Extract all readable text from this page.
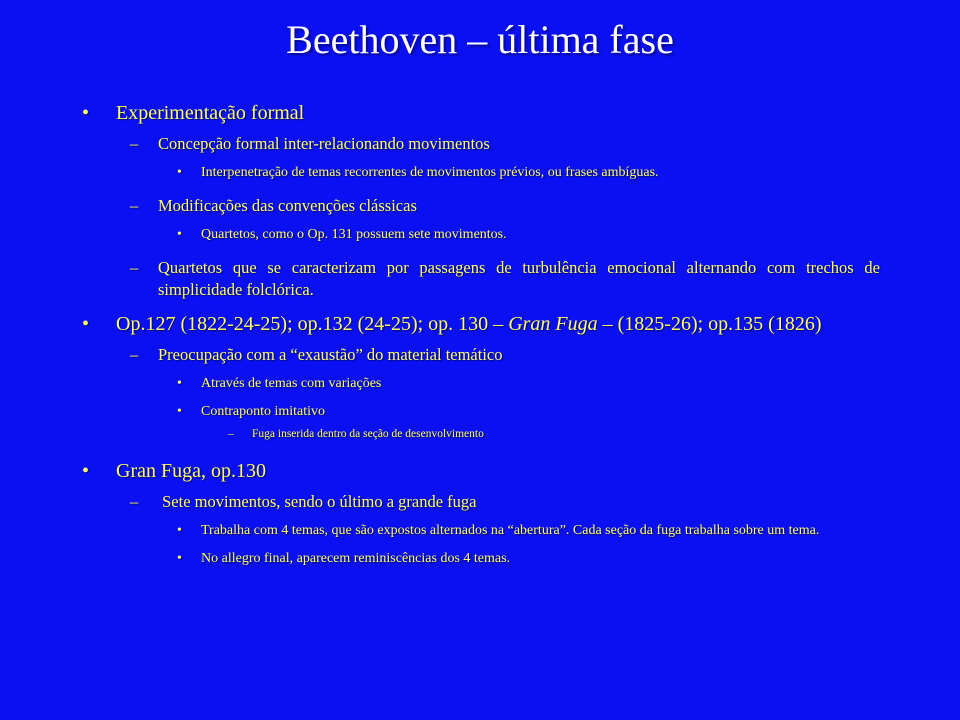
Beethoven – última fase
• Experimentação formal
– Concepção formal inter-relacionando movimentos
• Interpenetração de temas recorrentes de movimentos prévios, ou frases ambíguas.
– Modificações das convenções clássicas
• Quartetos, como o Op. 131 possuem sete movimentos.
– Quartetos que se caracterizam por passagens de turbulência emocional alternando com trechos de simplicidade folclórica.
• Op.127 (1822-24-25); op.132 (24-25); op. 130 – Gran Fuga – (1825-26); op.135 (1826)
– Preocupação com a “exaustão” do material temático
• Através de temas com variações
• Contraponto imitativo
– Fuga inserida dentro da seção de desenvolvimento
• Gran Fuga, op.130
– Sete movimentos, sendo o último a grande fuga
• Trabalha com 4 temas, que são expostos alternados na “abertura”. Cada seção da fuga trabalha sobre um tema.
• No allegro final, aparecem reminiscências dos 4 temas.
